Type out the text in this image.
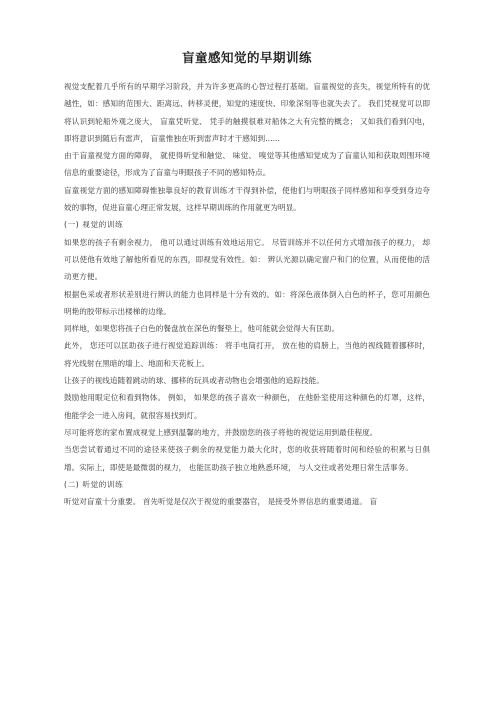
盲童感知觉的早期训练

视觉支配着几乎所有的早期学习阶段，并为许多更高的心智过程打基础。盲童视觉的丧失，视觉所特有的优越性，如：感知的范围大、距离远、转移灵便，知觉的速度快、印象深刻等也就失去了。 我们凭视觉可以即将认识到轮船外观之庞大， 盲童凭听觉、 凭手的触摸很难对船体之大有完整的概念； 又如我们看到闪电， 即将意识到随后有雷声， 盲童惟独在听到雷声时才干感知到......

由于盲童视觉方面的障碍， 就使得听觉和触觉、 味觉、 嗅觉等其他感知觉成为了盲童认知和获取周围环境信息的重要途径，形成为了盲童与明眼孩子不同的感知特点。

盲童视觉方面的感知障碍惟独靠良好的教育训练才干得到补偿，使他们与明眼孩子同样感知和享受到身边夸姣的事物，促进盲童心理正常发展，这样早期训练的作用就更为明显。

(一) 视觉的训练

如果您的孩子有剩余视力， 他可以通过训练有效地运用它。 尽管训练并不以任何方式增加孩子的视力， 却可以使他有效地了解他所看见的东西，即视觉有效性。如： 辨认光源以确定窗户和门的位置，从而使他的活动更方便。

根据色采或者形状差别进行辨认的能力也同样是十分有效的。如：将深色液体倒入白色的杯子，您可用颜色明艳的胶带标示出楼梯的边缘。

同样地，如果您将孩子白色的餐盘放在深色的餐垫上，他可能就会觉得大有匡助。

此外， 您还可以匡助孩子进行视觉追踪训练： 将手电筒打开， 放在他的肩膀上，当他的视线随着挪移时，将光线射在黑暗的墙上、地面和天花板上。

让孩子的视线追随着跳动的球、挪移的玩具或者动物也会增强他的追踪技能。

鼓励他用眼定位和看到物体。 例如， 如果您的孩子喜欢一种颜色， 在他卧室使用这种颜色的灯罩，这样，他能学会一进入房间，就很容易找到灯。

尽可能将您的家布置成视觉上感到温馨的地方，并鼓励您的孩子将他的视觉运用到最佳程度。

当您尝试着通过不同的途径来使孩子剩余的视觉能力最大化时，您的收获将随着时间和经验的积累与日俱增。实际上，即使是最微弱的视力， 也能匡助孩子独立地熟悉环境， 与人交往或者处理日常生活事务。

(二) 听觉的训练

听觉对盲童十分重要。 首先听觉是仅次于视觉的重要器官， 是接受外界信息的重要通道。 盲
